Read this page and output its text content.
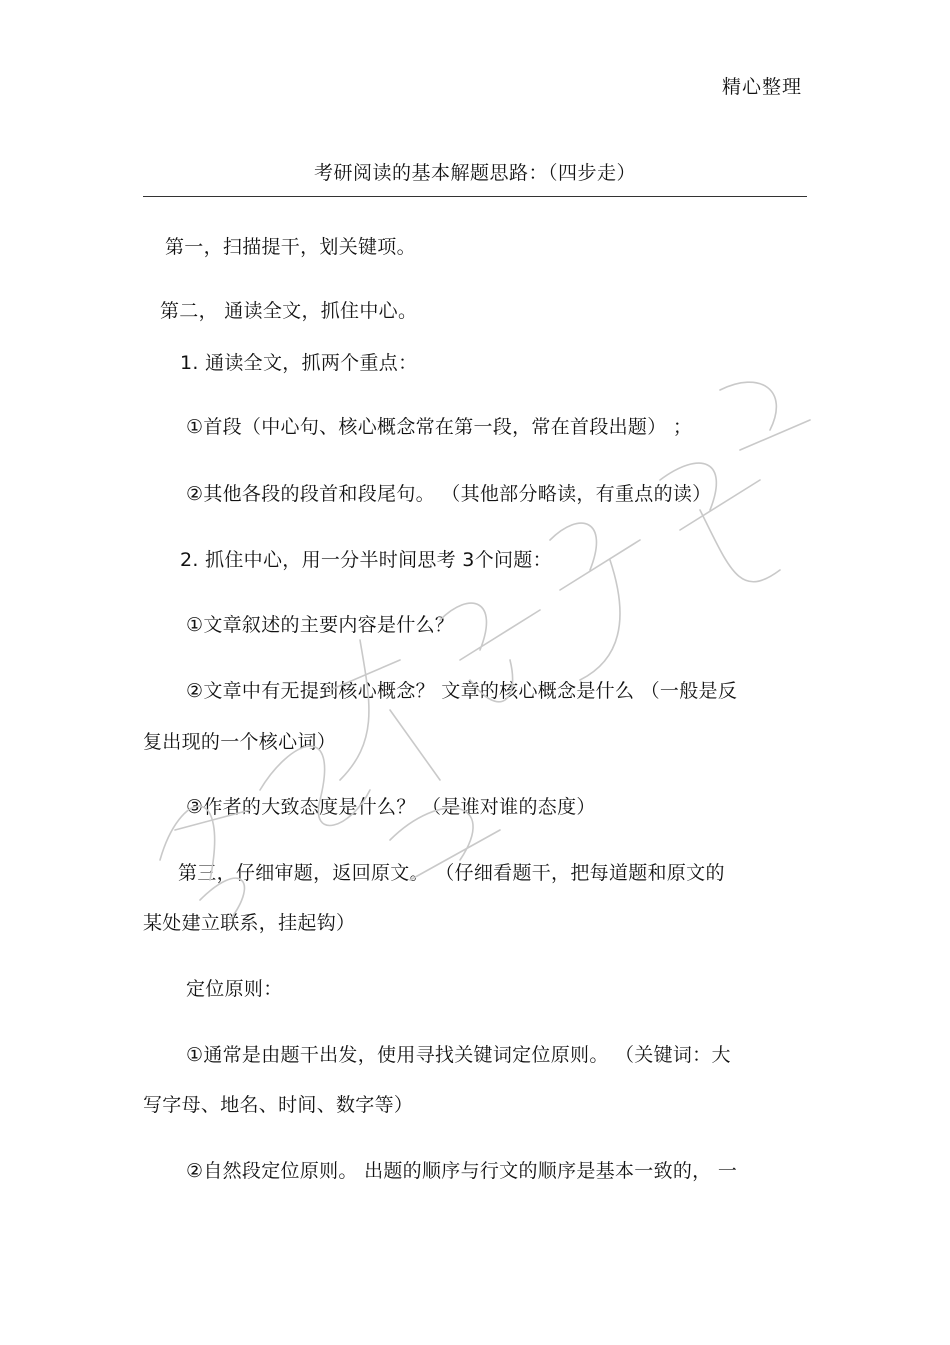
精心整理
考研阅读的基本解题思路：（四步走）
第一，扫描提干，划关键项。
第二， 通读全文，抓住中心。
1. 通读全文，抓两个重点：
①首段（中心句、核心概念常在第一段，常在首段出题） ；
②其他各段的段首和段尾句。 （其他部分略读，有重点的读）
2. 抓住中心，用一分半时间思考 3个问题：
①文章叙述的主要内容是什么？
②文章中有无提到核心概念？ 文章的核心概念是什么 （一般是反
复出现的一个核心词）
③作者的大致态度是什么？ （是谁对谁的态度）
第三，仔细审题，返回原文。 （仔细看题干，把每道题和原文的
某处建立联系，挂起钩）
定位原则：
①通常是由题干出发，使用寻找关键词定位原则。 （关键词：大
写字母、地名、时间、数字等）
②自然段定位原则。 出题的顺序与行文的顺序是基本一致的， 一
